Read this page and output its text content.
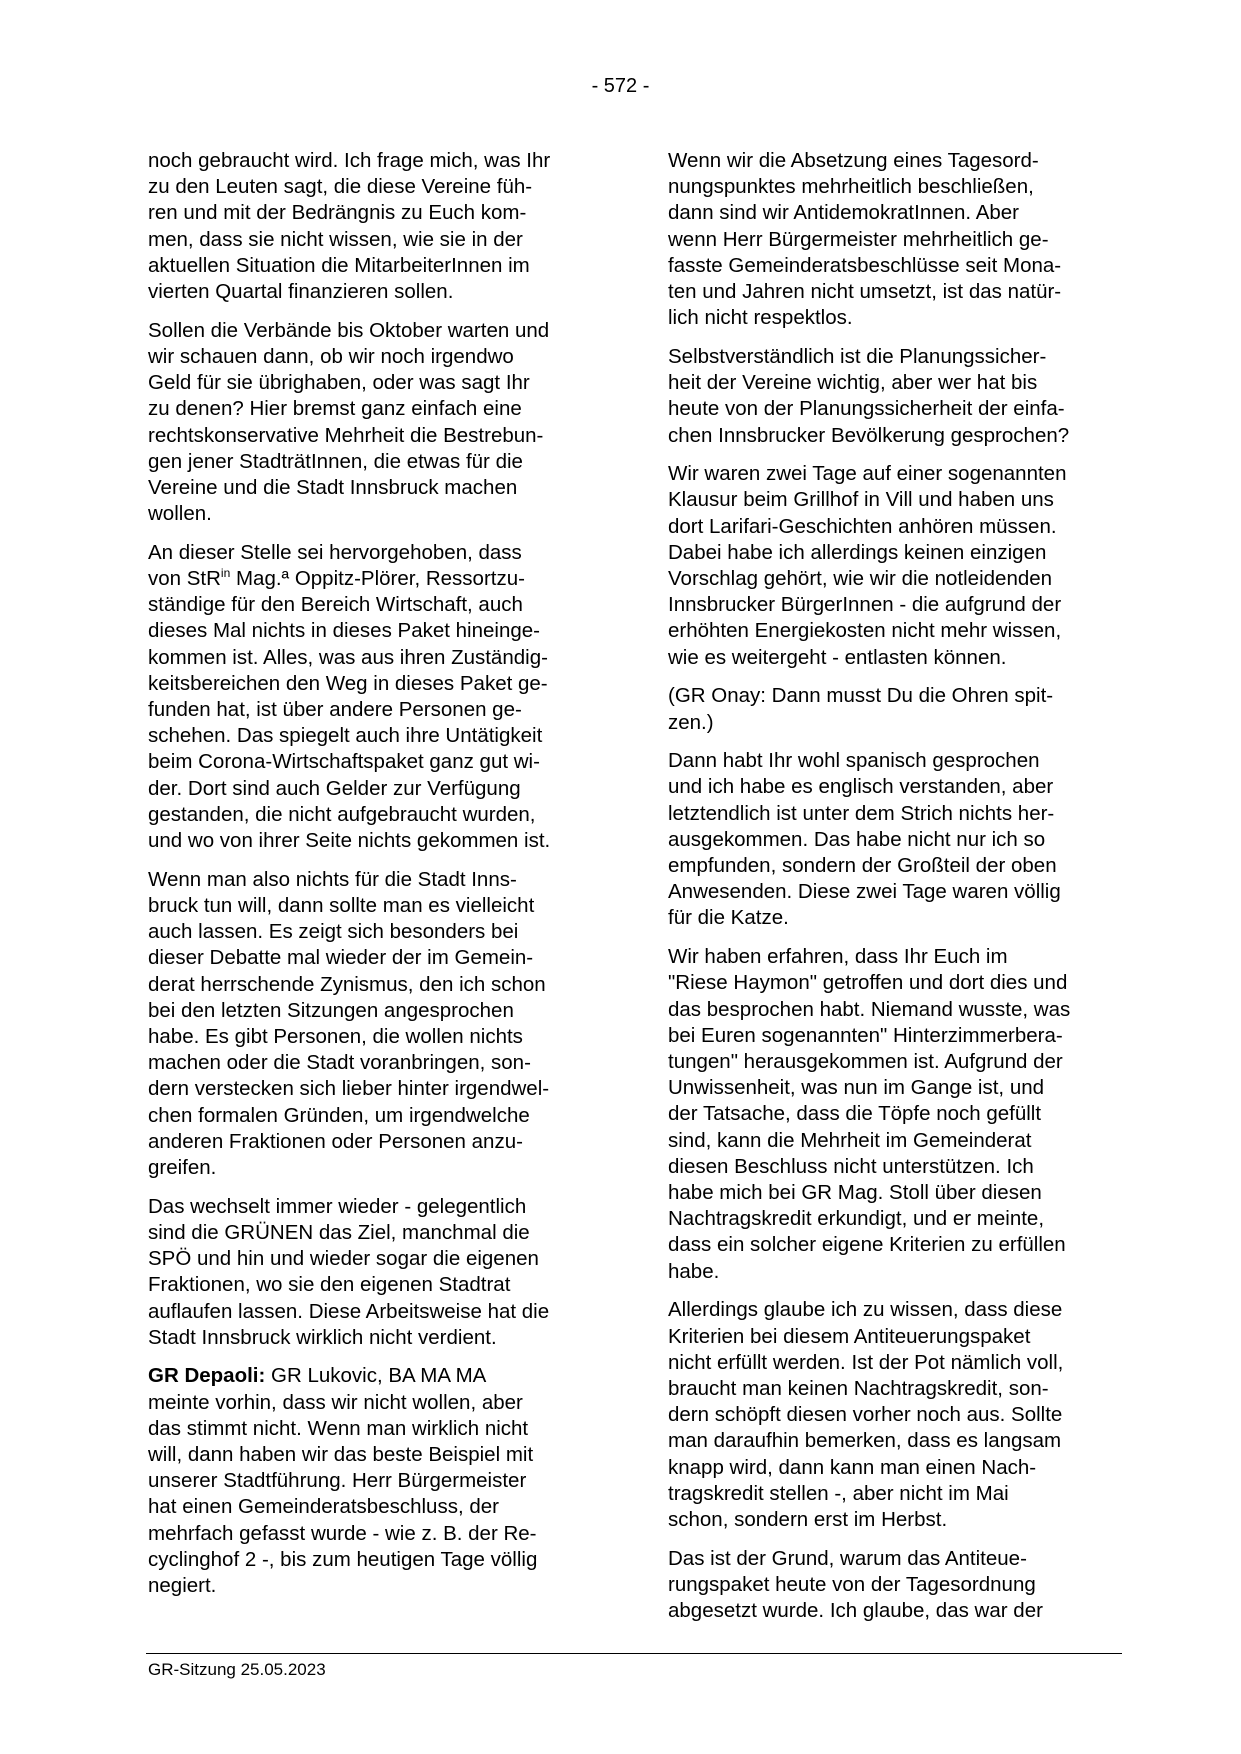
- 572 -

noch gebraucht wird. Ich frage mich, was Ihr
zu den Leuten sagt, die diese Vereine füh-
ren und mit der Bedrängnis zu Euch kom-
men, dass sie nicht wissen, wie sie in der
aktuellen Situation die MitarbeiterInnen im
vierten Quartal finanzieren sollen.

Sollen die Verbände bis Oktober warten und
wir schauen dann, ob wir noch irgendwo
Geld für sie übrighaben, oder was sagt Ihr
zu denen? Hier bremst ganz einfach eine
rechtskonservative Mehrheit die Bestrebun-
gen jener StadträtInnen, die etwas für die
Vereine und die Stadt Innsbruck machen
wollen.

An dieser Stelle sei hervorgehoben, dass
von StR$^{in}$ Mag.ª Oppitz-Plörer, Ressortzu-
ständige für den Bereich Wirtschaft, auch
dieses Mal nichts in dieses Paket hineinge-
kommen ist. Alles, was aus ihren Zuständig-
keitsbereichen den Weg in dieses Paket ge-
funden hat, ist über andere Personen ge-
schehen. Das spiegelt auch ihre Untätigkeit
beim Corona-Wirtschaftspaket ganz gut wi-
der. Dort sind auch Gelder zur Verfügung
gestanden, die nicht aufgebraucht wurden,
und wo von ihrer Seite nichts gekommen ist.

Wenn man also nichts für die Stadt Inns-
bruck tun will, dann sollte man es vielleicht
auch lassen. Es zeigt sich besonders bei
dieser Debatte mal wieder der im Gemein-
derat herrschende Zynismus, den ich schon
bei den letzten Sitzungen angesprochen
habe. Es gibt Personen, die wollen nichts
machen oder die Stadt voranbringen, son-
dern verstecken sich lieber hinter irgendwel-
chen formalen Gründen, um irgendwelche
anderen Fraktionen oder Personen anzu-
greifen.

Das wechselt immer wieder - gelegentlich
sind die GRÜNEN das Ziel, manchmal die
SPÖ und hin und wieder sogar die eigenen
Fraktionen, wo sie den eigenen Stadtrat
auflaufen lassen. Diese Arbeitsweise hat die
Stadt Innsbruck wirklich nicht verdient.

GR Depaoli: GR Lukovic, BA MA MA
meinte vorhin, dass wir nicht wollen, aber
das stimmt nicht. Wenn man wirklich nicht
will, dann haben wir das beste Beispiel mit
unserer Stadtführung. Herr Bürgermeister
hat einen Gemeinderatsbeschluss, der
mehrfach gefasst wurde - wie z. B. der Re-
cyclinghof 2 -, bis zum heutigen Tage völlig
negiert.

Wenn wir die Absetzung eines Tagesord-
nungspunktes mehrheitlich beschließen,
dann sind wir AntidemokratInnen. Aber
wenn Herr Bürgermeister mehrheitlich ge-
fasste Gemeinderatsbeschlüsse seit Mona-
ten und Jahren nicht umsetzt, ist das natür-
lich nicht respektlos.

Selbstverständlich ist die Planungssicher-
heit der Vereine wichtig, aber wer hat bis
heute von der Planungssicherheit der einfa-
chen Innsbrucker Bevölkerung gesprochen?

Wir waren zwei Tage auf einer sogenannten
Klausur beim Grillhof in Vill und haben uns
dort Larifari-Geschichten anhören müssen.
Dabei habe ich allerdings keinen einzigen
Vorschlag gehört, wie wir die notleidenden
Innsbrucker BürgerInnen - die aufgrund der
erhöhten Energiekosten nicht mehr wissen,
wie es weitergeht - entlasten können.

(GR Onay: Dann musst Du die Ohren spit-
zen.)

Dann habt Ihr wohl spanisch gesprochen
und ich habe es englisch verstanden, aber
letztendlich ist unter dem Strich nichts her-
ausgekommen. Das habe nicht nur ich so
empfunden, sondern der Großteil der oben
Anwesenden. Diese zwei Tage waren völlig
für die Katze.

Wir haben erfahren, dass Ihr Euch im
"Riese Haymon" getroffen und dort dies und
das besprochen habt. Niemand wusste, was
bei Euren sogenannten" Hinterzimmerbera-
tungen" herausgekommen ist. Aufgrund der
Unwissenheit, was nun im Gange ist, und
der Tatsache, dass die Töpfe noch gefüllt
sind, kann die Mehrheit im Gemeinderat
diesen Beschluss nicht unterstützen. Ich
habe mich bei GR Mag. Stoll über diesen
Nachtragskredit erkundigt, und er meinte,
dass ein solcher eigene Kriterien zu erfüllen
habe.

Allerdings glaube ich zu wissen, dass diese
Kriterien bei diesem Antiteuerungspaket
nicht erfüllt werden. Ist der Pot nämlich voll,
braucht man keinen Nachtragskredit, son-
dern schöpft diesen vorher noch aus. Sollte
man daraufhin bemerken, dass es langsam
knapp wird, dann kann man einen Nach-
tragskredit stellen -, aber nicht im Mai
schon, sondern erst im Herbst.

Das ist der Grund, warum das Antiteue-
rungspaket heute von der Tagesordnung
abgesetzt wurde. Ich glaube, das war der

GR-Sitzung 25.05.2023
